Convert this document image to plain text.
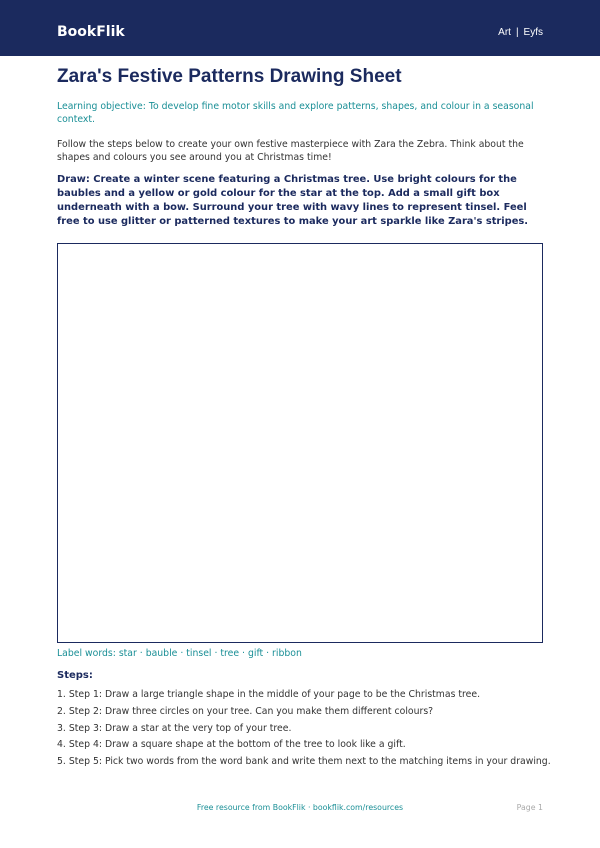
BookFlik	Art | Eyfs
Zara's Festive Patterns Drawing Sheet

Learning objective: To develop fine motor skills and explore patterns, shapes, and colour in a seasonal context.

Follow the steps below to create your own festive masterpiece with Zara the Zebra. Think about the shapes and colours you see around you at Christmas time!

Draw: Create a winter scene featuring a Christmas tree. Use bright colours for the baubles and a yellow or gold colour for the star at the top. Add a small gift box underneath with a bow. Surround your tree with wavy lines to represent tinsel. Feel free to use glitter or patterned textures to make your art sparkle like Zara's stripes.

Label words: star · bauble · tinsel · tree · gift · ribbon
Steps:
1. Step 1: Draw a large triangle shape in the middle of your page to be the Christmas tree.
2. Step 2: Draw three circles on your tree. Can you make them different colours?
3. Step 3: Draw a star at the very top of your tree.
4. Step 4: Draw a square shape at the bottom of the tree to look like a gift.
5. Step 5: Pick two words from the word bank and write them next to the matching items in your drawing.
Free resource from BookFlik · bookflik.com/resources	Page 1
